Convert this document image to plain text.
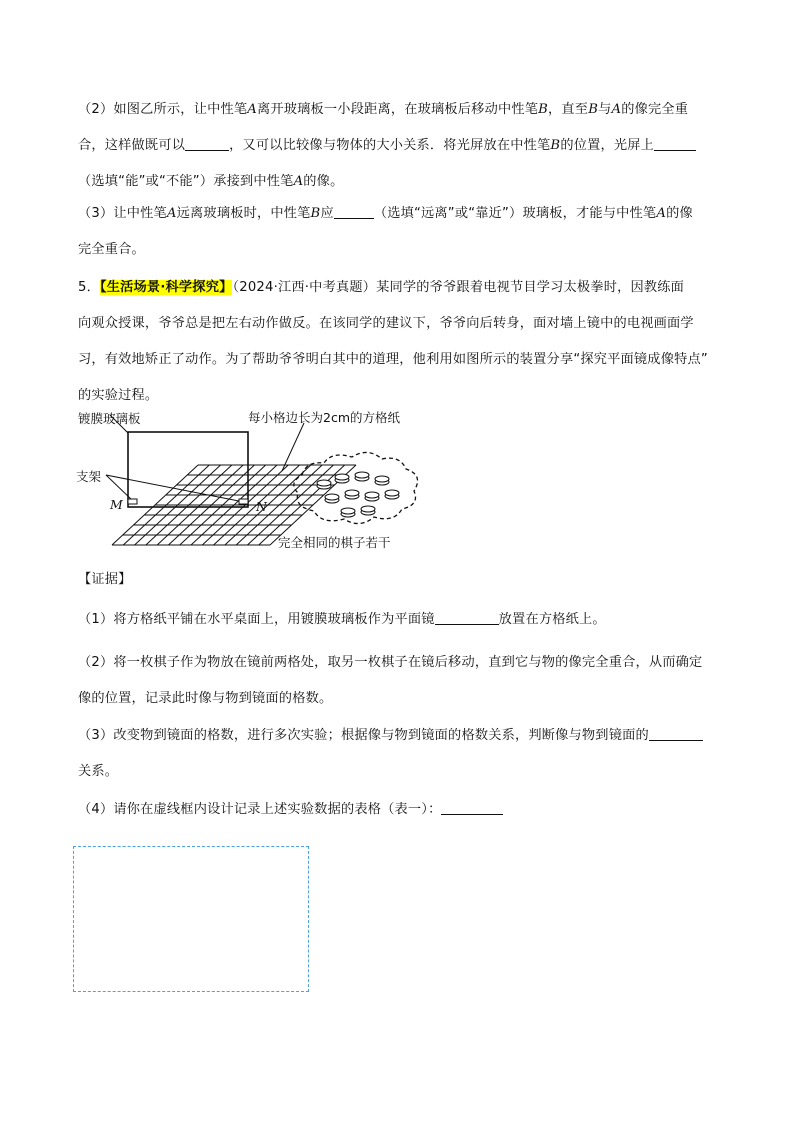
（2）如图乙所示，让中性笔A离开玻璃板一小段距离，在玻璃板后移动中性笔B，直至B与A的像完全重
合，这样做既可以	，又可以比较像与物体的大小关系．将光屏放在中性笔B的位置，光屏上
（选填“能”或“不能”）承接到中性笔A的像。
（3）让中性笔A远离玻璃板时，中性笔B应	（选填“远离”或“靠近”）玻璃板，才能与中性笔A的像
完全重合。
5．【生活场景·科学探究】（2024·江西·中考真题）某同学的爷爷跟着电视节目学习太极拳时，因教练面
向观众授课，爷爷总是把左右动作做反。在该同学的建议下，爷爷向后转身，面对墙上镜中的电视画面学
习，有效地矫正了动作。为了帮助爷爷明白其中的道理，他利用如图所示的装置分享“探究平面镜成像特点”
的实验过程。
镀膜玻璃板	每小格边长为2cm的方格纸
支架
M	N
完全相同的棋子若干
【证据】
（1）将方格纸平铺在水平桌面上，用镀膜玻璃板作为平面镜	放置在方格纸上。
（2）将一枚棋子作为物放在镜前两格处，取另一枚棋子在镜后移动，直到它与物的像完全重合，从而确定
像的位置，记录此时像与物到镜面的格数。
（3）改变物到镜面的格数，进行多次实验；根据像与物到镜面的格数关系，判断像与物到镜面的
关系。
（4）请你在虚线框内设计记录上述实验数据的表格（表一）：
